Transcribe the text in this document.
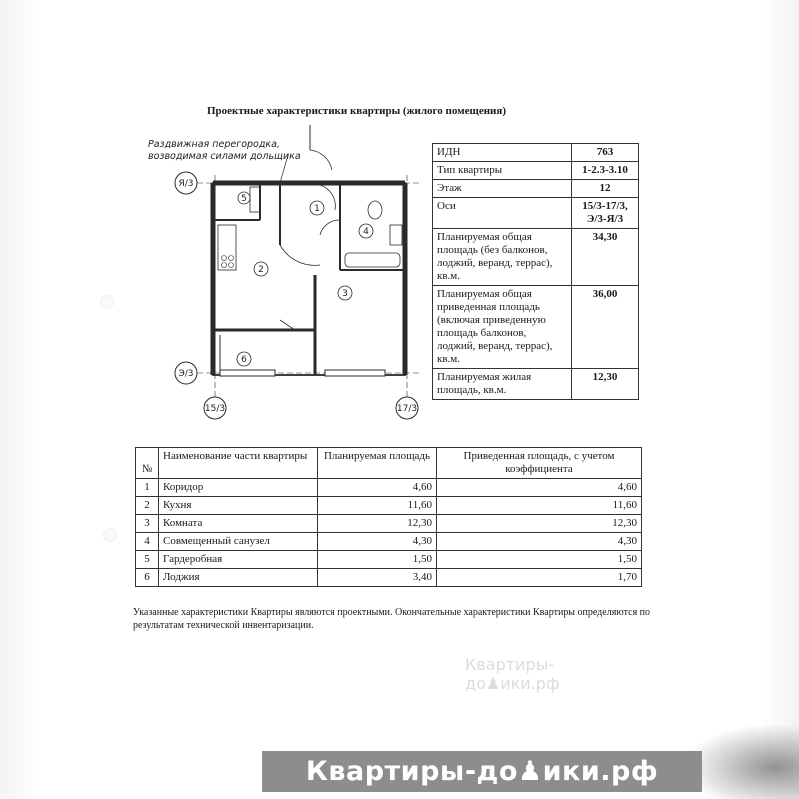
Проектные характеристики квартиры (жилого помещения)
Я/3
Э/3
15/3	17/3
1
2
3
4
5
6
Раздвижная перегородка,
возводимая силами дольщика	ИДН	763
Тип квартиры	1-2.3-3.10
Этаж	12
Оси	15/3-17/3, Э/3-Я/3
Планируемая общая площадь (без балконов, лоджий, веранд, террас), кв.м.	34,30
Планируемая общая приведенная площадь (включая приведенную площадь балконов, лоджий, веранд, террас), кв.м.	36,00
Планируемая жилая площадь, кв.м.	12,30
№	Наименование части квартиры	Планируемая площадь	Приведенная площадь, с учетом коэффициента
1	Коридор	4,60	4,60
2	Кухня	11,60	11,60
3	Комната	12,30	12,30
4	Совмещенный санузел	4,30	4,30
5	Гардеробная	1,50	1,50
6	Лоджия	3,40	1,70
Указанные характеристики Квартиры являются проектными. Окончательные характеристики Квартиры определяются по результатам технической инвентаризации.
Квартиры-до♟ики.рф
Квартиры-до♟ики.рф
